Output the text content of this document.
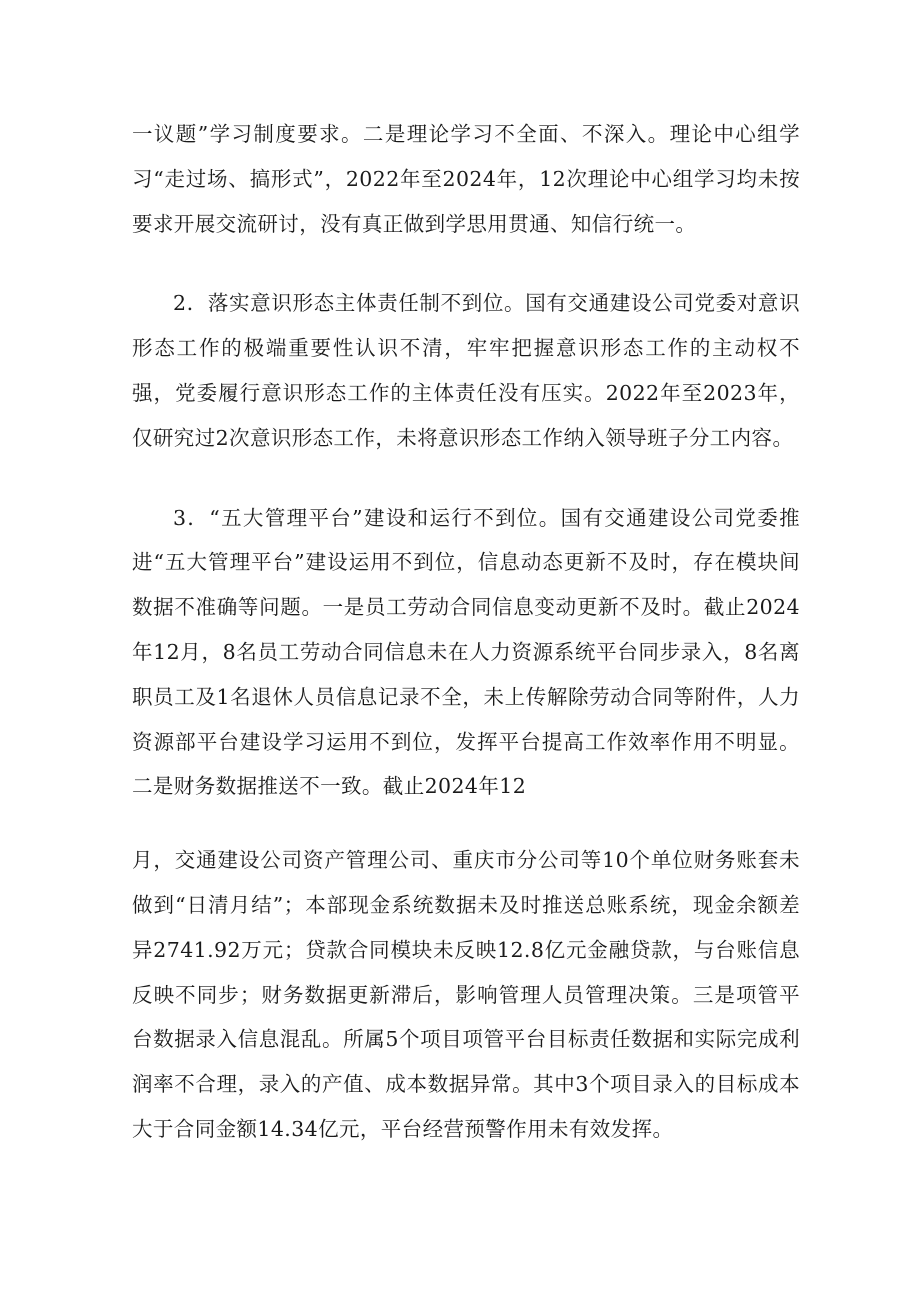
一议题”学习制度要求。二是理论学习不全面、不深入。理论中心组学习“走过场、搞形式”，2022年至2024年，12次理论中心组学习均未按要求开展交流研讨，没有真正做到学思用贯通、知信行统一。

2．落实意识形态主体责任制不到位。国有交通建设公司党委对意识形态工作的极端重要性认识不清，牢牢把握意识形态工作的主动权不强，党委履行意识形态工作的主体责任没有压实。2022年至2023年，仅研究过2次意识形态工作，未将意识形态工作纳入领导班子分工内容。

3．“五大管理平台”建设和运行不到位。国有交通建设公司党委推进“五大管理平台”建设运用不到位，信息动态更新不及时，存在模块间数据不准确等问题。一是员工劳动合同信息变动更新不及时。截止2024年12月，8名员工劳动合同信息未在人力资源系统平台同步录入，8名离职员工及1名退休人员信息记录不全，未上传解除劳动合同等附件，人力资源部平台建设学习运用不到位，发挥平台提高工作效率作用不明显。二是财务数据推送不一致。截止2024年12

月，交通建设公司资产管理公司、重庆市分公司等10个单位财务账套未做到“日清月结”；本部现金系统数据未及时推送总账系统，现金余额差异2741.92万元；贷款合同模块未反映12.8亿元金融贷款，与台账信息反映不同步；财务数据更新滞后，影响管理人员管理决策。三是项管平台数据录入信息混乱。所属5个项目项管平台目标责任数据和实际完成利润率不合理，录入的产值、成本数据异常。其中3个项目录入的目标成本大于合同金额14.34亿元，平台经营预警作用未有效发挥。
